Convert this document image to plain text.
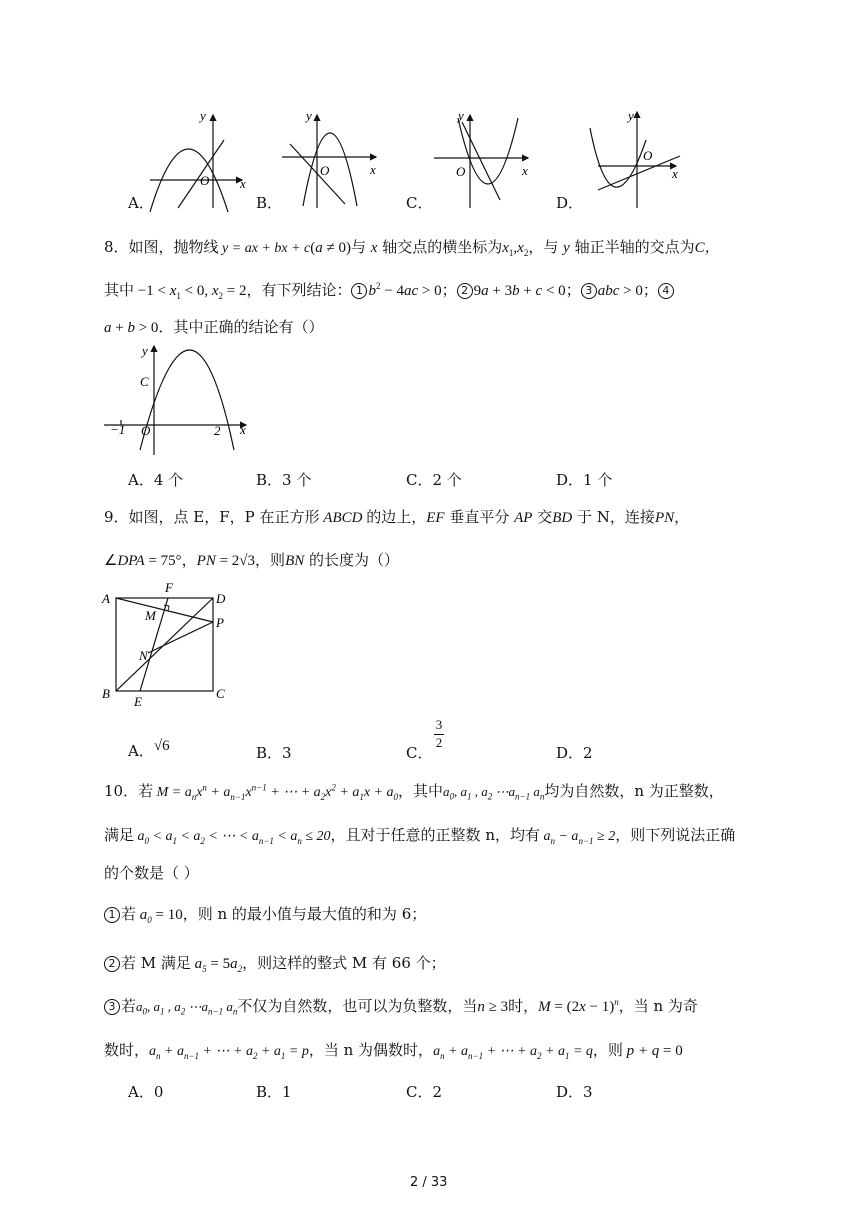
y
O x
y
O	x
y
O	x
y
O
x
A．	B．	C．	D．
8．如图，抛物线 y = ax + bx + c(a ≠ 0)与 x 轴交点的横坐标为$x_1,x_2$，与 y 轴正半轴的交点为C，
其中 $-1 < x_1 < 0$, $x_2 = 2$，有下列结论： 1 $b^2 - 4ac > 0$； 2 9a + 3b + c < 0； 3 abc > 0； 4
a + b > 0．其中正确的结论有（）
y
C
−1 O	2 x
A．4 个	B．3 个	C．2 个	D．1 个
9．如图，点 E，F，P 在正方形 ABCD 的边上，EF 垂直平分 AP 交BD 于 N，连接PN，
∠DPA = 75°，PN = 2√3，则BN 的长度为（）
A	D
F
M	P
N
B
E
C
A．√6	B．3	C．
3
2
D．2
10．若 $M = a_nx^n + a_{n-1}x^{n-1}$ + ⋯ + $a_2x^2 + a_1x + a_0$，其中$a_0$, $a_1$ , $a_2$ $\cdots a_{n-1}$ $a_n$均为自然数，n 为正整数，
满足 $a_0 < a_1 < a_2$ < ⋯ < $a_{n-1} < a_n \le 20$，且对于任意的正整数 n，均有 $a_n - a_{n-1} \ge 2$，则下列说法正确
的个数是（ ）
1 若 $a_0 = 10$，则 n 的最小值与最大值的和为 6；
2 若 M 满足 $a_5 = 5a_2$，则这样的整式 M 有 66 个；
3 若$a_0$, $a_1$ , $a_2$ $\cdots a_{n-1}$ $a_n$不仅为自然数，也可以为负整数，当n ≥ 3时，$M = (2x - 1)^n$，当 n 为奇
数时，$a_n + a_{n-1}$ + ⋯ + $a_2 + a_1 = p$，当 n 为偶数时，$a_n + a_{n-1}$ + ⋯ + $a_2 + a_1 = q$，则 p + q = 0
A．0	B．1	C．2	D．3
2 / 33
